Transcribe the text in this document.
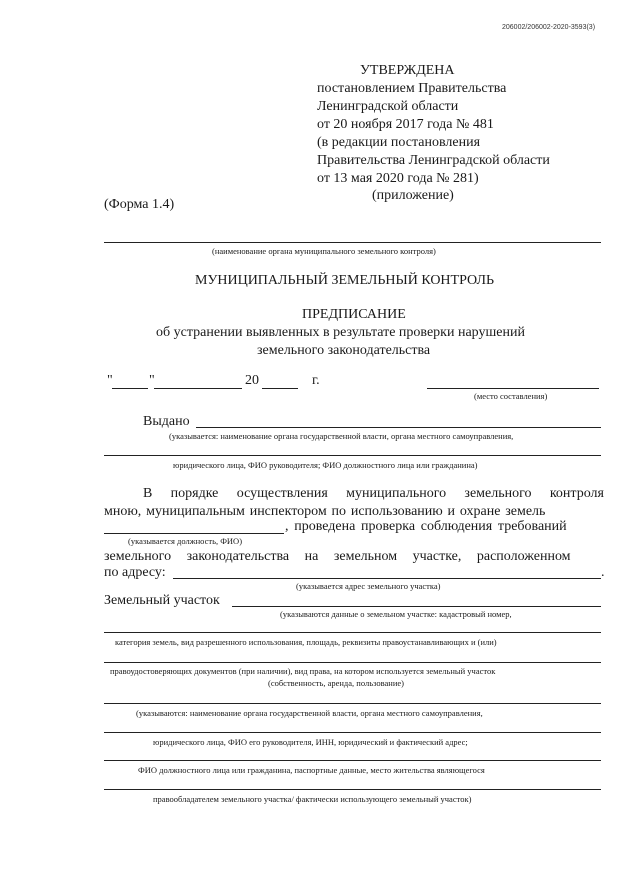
206002/206002-2020-3593(3)
УТВЕРЖДЕНА
постановлением Правительства
Ленинградской области
от 20 ноября 2017 года № 481
(в редакции постановления
Правительства Ленинградской области
от 13 мая 2020 года № 281)
(приложение)
(Форма 1.4)
(наименование органа муниципального земельного контроля)
МУНИЦИПАЛЬНЫЙ ЗЕМЕЛЬНЫЙ КОНТРОЛЬ
ПРЕДПИСАНИЕ
об устранении выявленных в результате проверки нарушений
земельного законодательства
"	"	20	г.
(место составления)
Выдано
(указывается: наименование органа государственной власти, органа местного самоуправления,
юридического лица, ФИО руководителя; ФИО должностного лица или гражданина)
В порядке осуществления муниципального земельного контроля
мною, муниципальным инспектором по использованию и охране земель
, проведена проверка соблюдения требований
(указывается должность, ФИО)
земельного законодательства на земельном участке, расположенном
по адресу:	.
(указывается адрес земельного участка)
Земельный участок
(указываются данные о земельном участке: кадастровый номер,
категория земель, вид разрешенного использования, площадь, реквизиты правоустанавливающих и (или)
правоудостоверяющих документов (при наличии), вид права, на котором используется земельный участок
(собственность, аренда, пользование)
(указываются: наименование органа государственной власти, органа местного самоуправления,
юридического лица, ФИО его руководителя, ИНН, юридический и фактический адрес;
ФИО должностного лица или гражданина, паспортные данные, место жительства являющегося
правообладателем земельного участка/ фактически использующего земельный участок)
